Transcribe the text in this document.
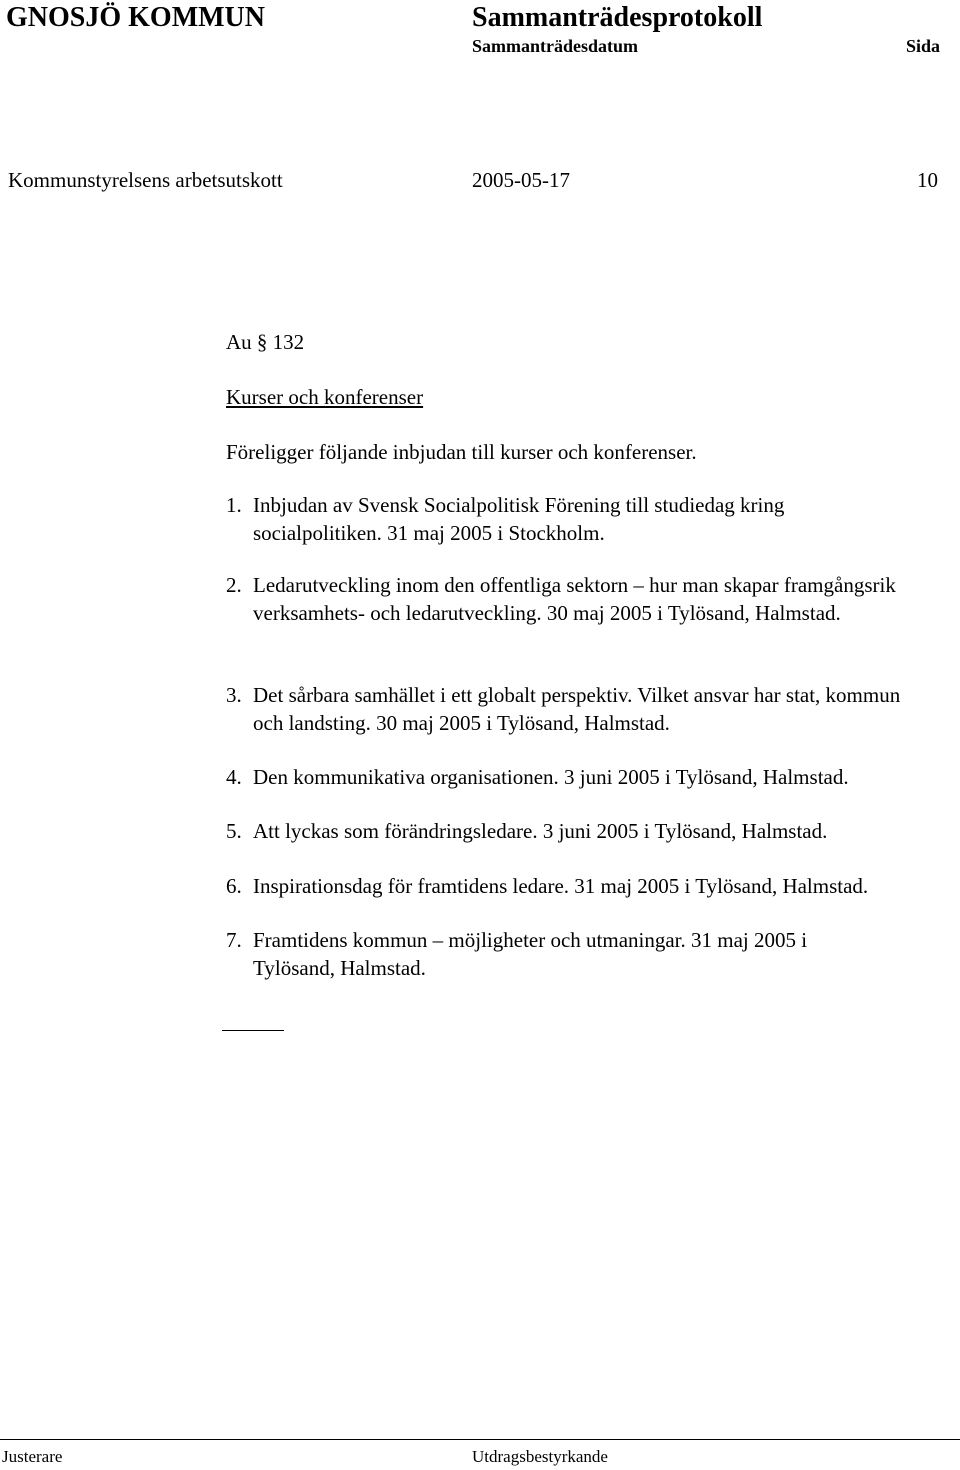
GNOSJÖ KOMMUN	Sammanträdesprotokoll
Sammanträdesdatum	Sida
Kommunstyrelsens arbetsutskott	2005-05-17	10
Au § 132
Kurser och konferenser
Föreligger följande inbjudan till kurser och konferenser.
1. Inbjudan av Svensk Socialpolitisk Förening till studiedag kring socialpolitiken. 31 maj 2005 i Stockholm.
2. Ledarutveckling inom den offentliga sektorn – hur man skapar framgångsrik verksamhets- och ledarutveckling. 30 maj 2005 i Tylösand, Halmstad.
3. Det sårbara samhället i ett globalt perspektiv. Vilket ansvar har stat, kommun och landsting. 30 maj 2005 i Tylösand, Halmstad.
4. Den kommunikativa organisationen. 3 juni 2005 i Tylösand, Halmstad.
5. Att lyckas som förändringsledare. 3 juni 2005 i Tylösand, Halmstad.
6. Inspirationsdag för framtidens ledare. 31 maj 2005 i Tylösand, Halmstad.
7. Framtidens kommun – möjligheter och utmaningar. 31 maj 2005 i Tylösand, Halmstad.
Justerare	Utdragsbestyrkande
